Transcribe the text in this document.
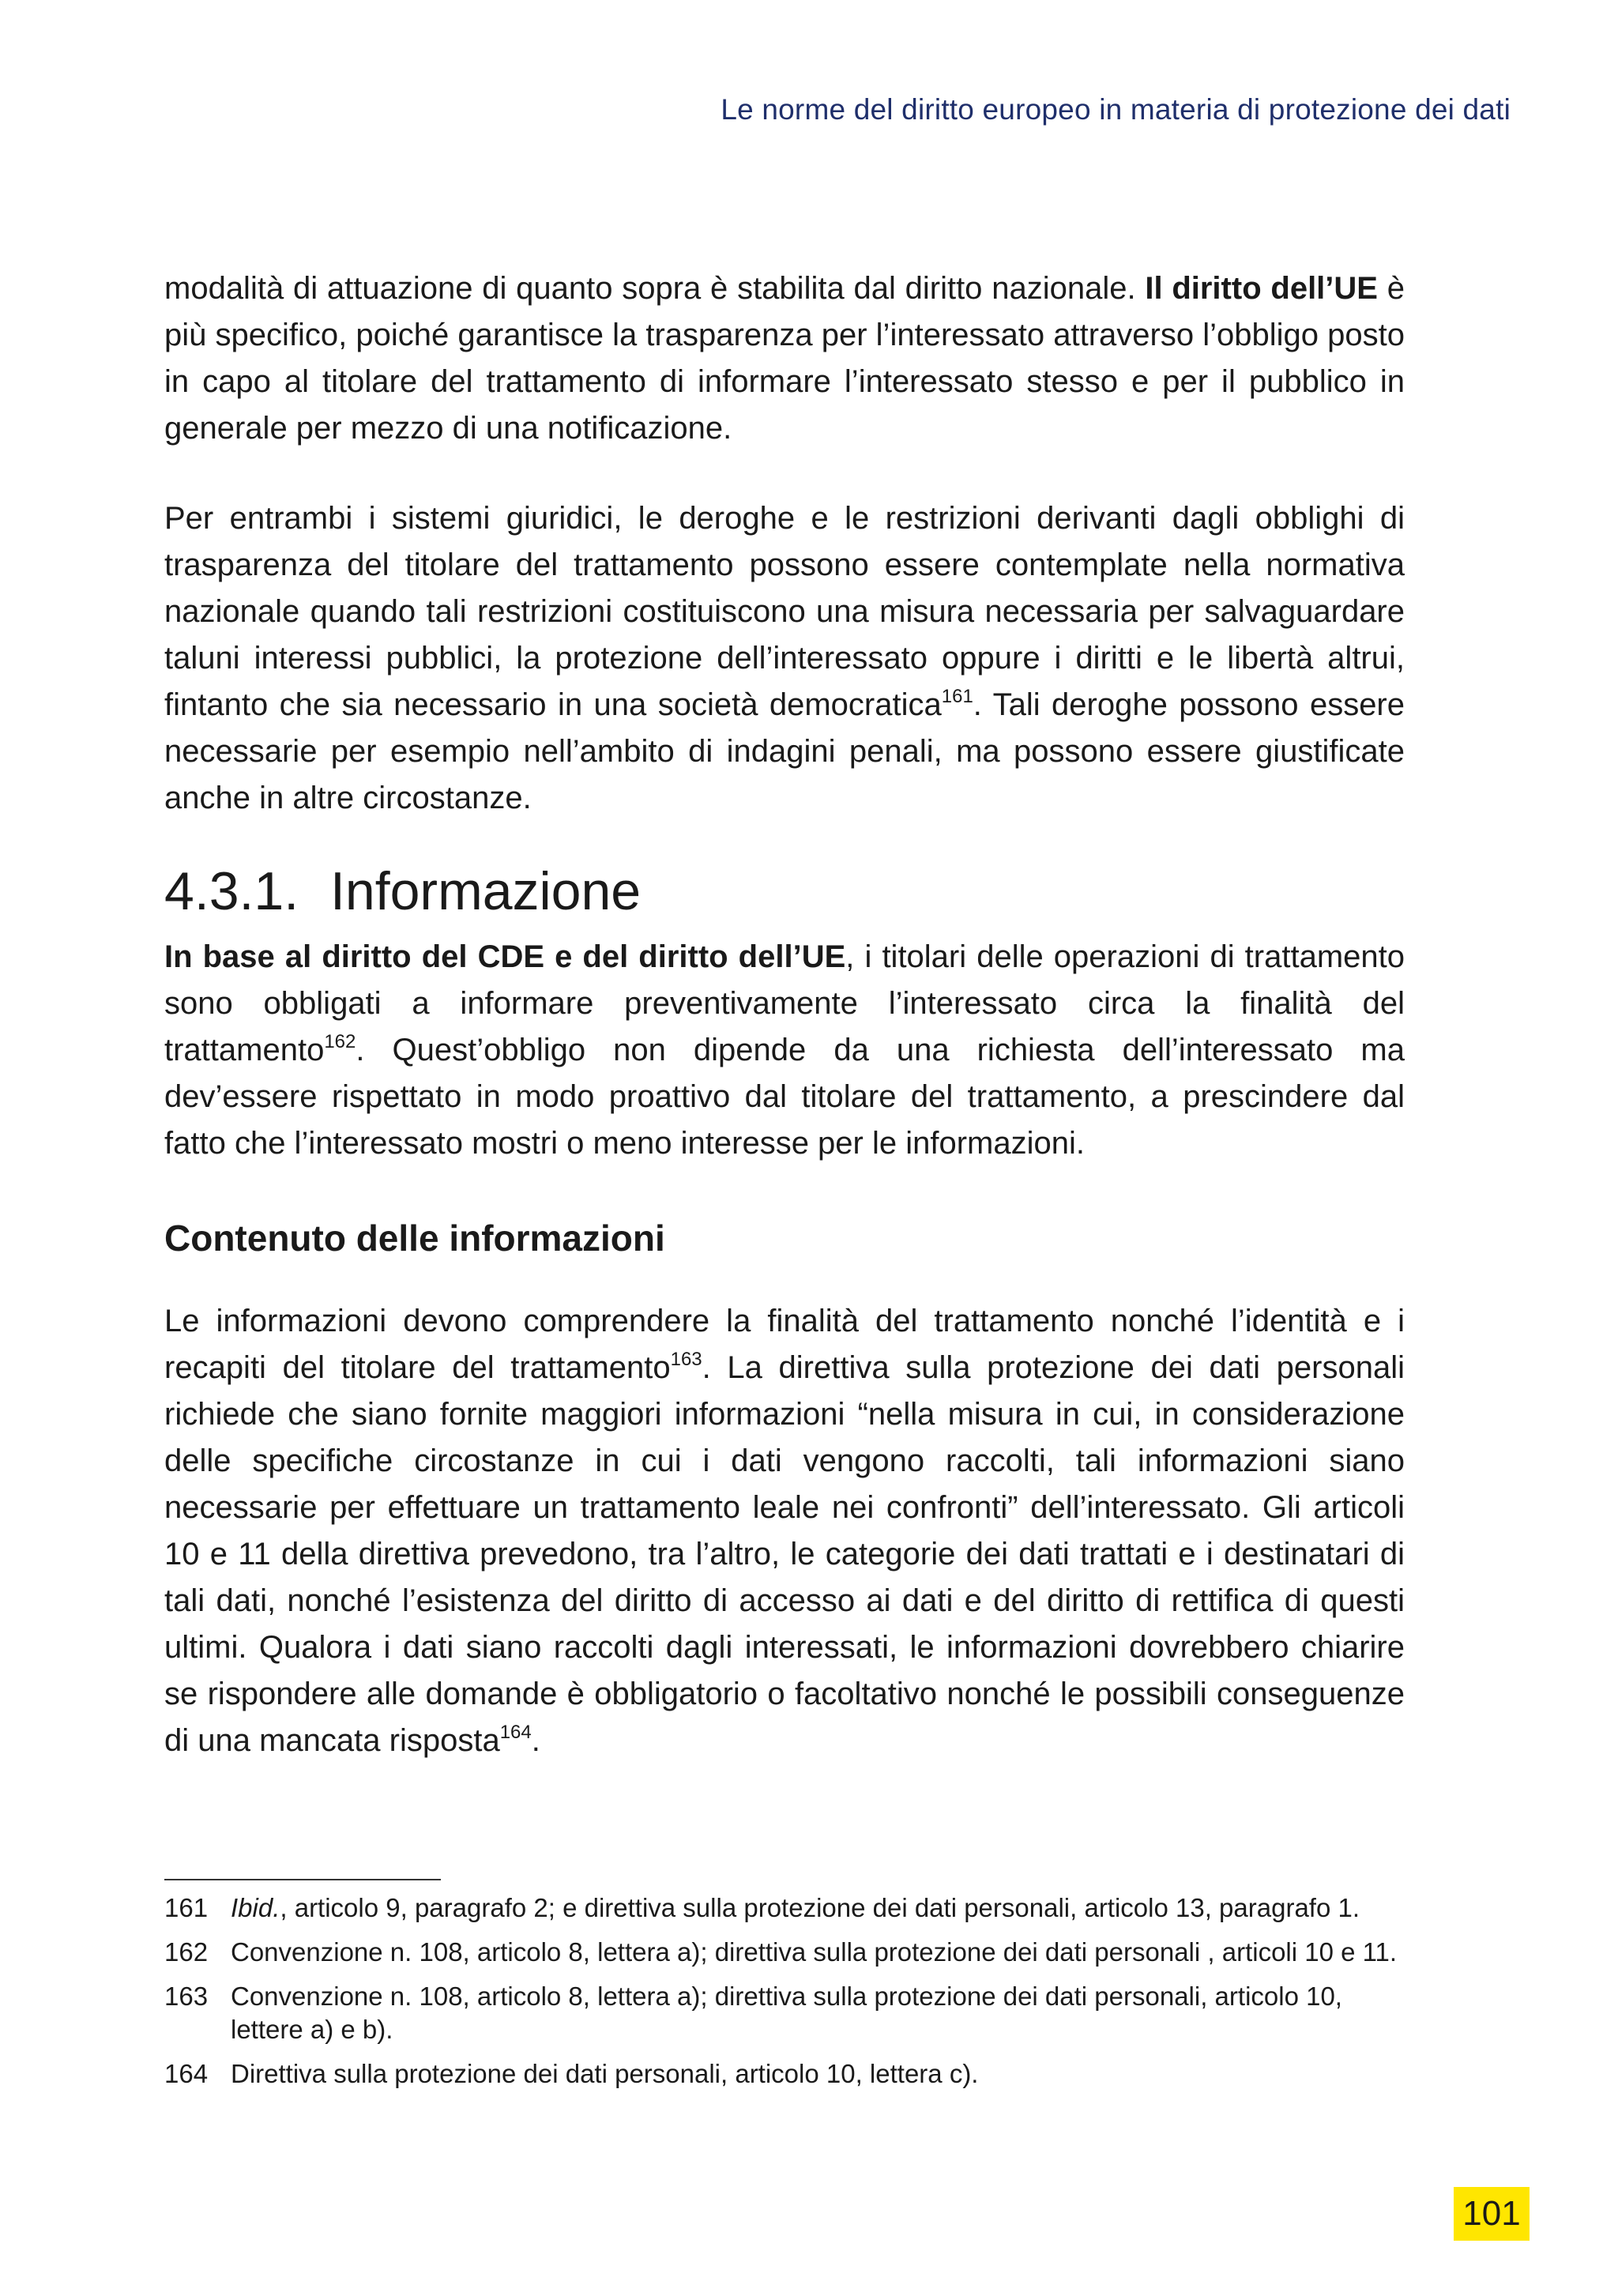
Le norme del diritto europeo in materia di protezione dei dati

modalità di attuazione di quanto sopra è stabilita dal diritto nazionale. Il diritto dell’UE è più specifico, poiché garantisce la trasparenza per l’interessato attraverso l’obbligo posto in capo al titolare del trattamento di informare l’interessato stesso e per il pubblico in generale per mezzo di una notificazione.

Per entrambi i sistemi giuridici, le deroghe e le restrizioni derivanti dagli obblighi di trasparenza del titolare del trattamento possono essere contemplate nella normativa nazionale quando tali restrizioni costituiscono una misura necessaria per salvaguardare taluni interessi pubblici, la protezione dell’interessato oppure i diritti e le libertà altrui, fintanto che sia necessario in una società democratica$^{161}$. Tali deroghe possono essere necessarie per esempio nell’ambito di indagini penali, ma possono essere giustificate anche in altre circostanze.

4.3.1. Informazione

In base al diritto del CDE e del diritto dell’UE, i titolari delle operazioni di trattamento sono obbligati a informare preventivamente l’interessato circa la finalità del trattamento$^{162}$. Quest’obbligo non dipende da una richiesta dell’interessato ma dev’essere rispettato in modo proattivo dal titolare del trattamento, a prescindere dal fatto che l’interessato mostri o meno interesse per le informazioni.

Contenuto delle informazioni

Le informazioni devono comprendere la finalità del trattamento nonché l’identità e i recapiti del titolare del trattamento$^{163}$. La direttiva sulla protezione dei dati personali richiede che siano fornite maggiori informazioni “nella misura in cui, in considerazione delle specifiche circostanze in cui i dati vengono raccolti, tali informazioni siano necessarie per effettuare un trattamento leale nei confronti” dell’interessato. Gli articoli 10 e 11 della direttiva prevedono, tra l’altro, le categorie dei dati trattati e i destinatari di tali dati, nonché l’esistenza del diritto di accesso ai dati e del diritto di rettifica di questi ultimi. Qualora i dati siano raccolti dagli interessati, le informazioni dovrebbero chiarire se rispondere alle domande è obbligatorio o facoltativo nonché le possibili conseguenze di una mancata risposta$^{164}$.

161 Ibid., articolo 9, paragrafo 2; e direttiva sulla protezione dei dati personali, articolo 13, paragrafo 1.
162 Convenzione n. 108, articolo 8, lettera a); direttiva sulla protezione dei dati personali , articoli 10 e 11.
163 Convenzione n. 108, articolo 8, lettera a); direttiva sulla protezione dei dati personali, articolo 10, lettere a) e b).
164 Direttiva sulla protezione dei dati personali, articolo 10, lettera c).
101
